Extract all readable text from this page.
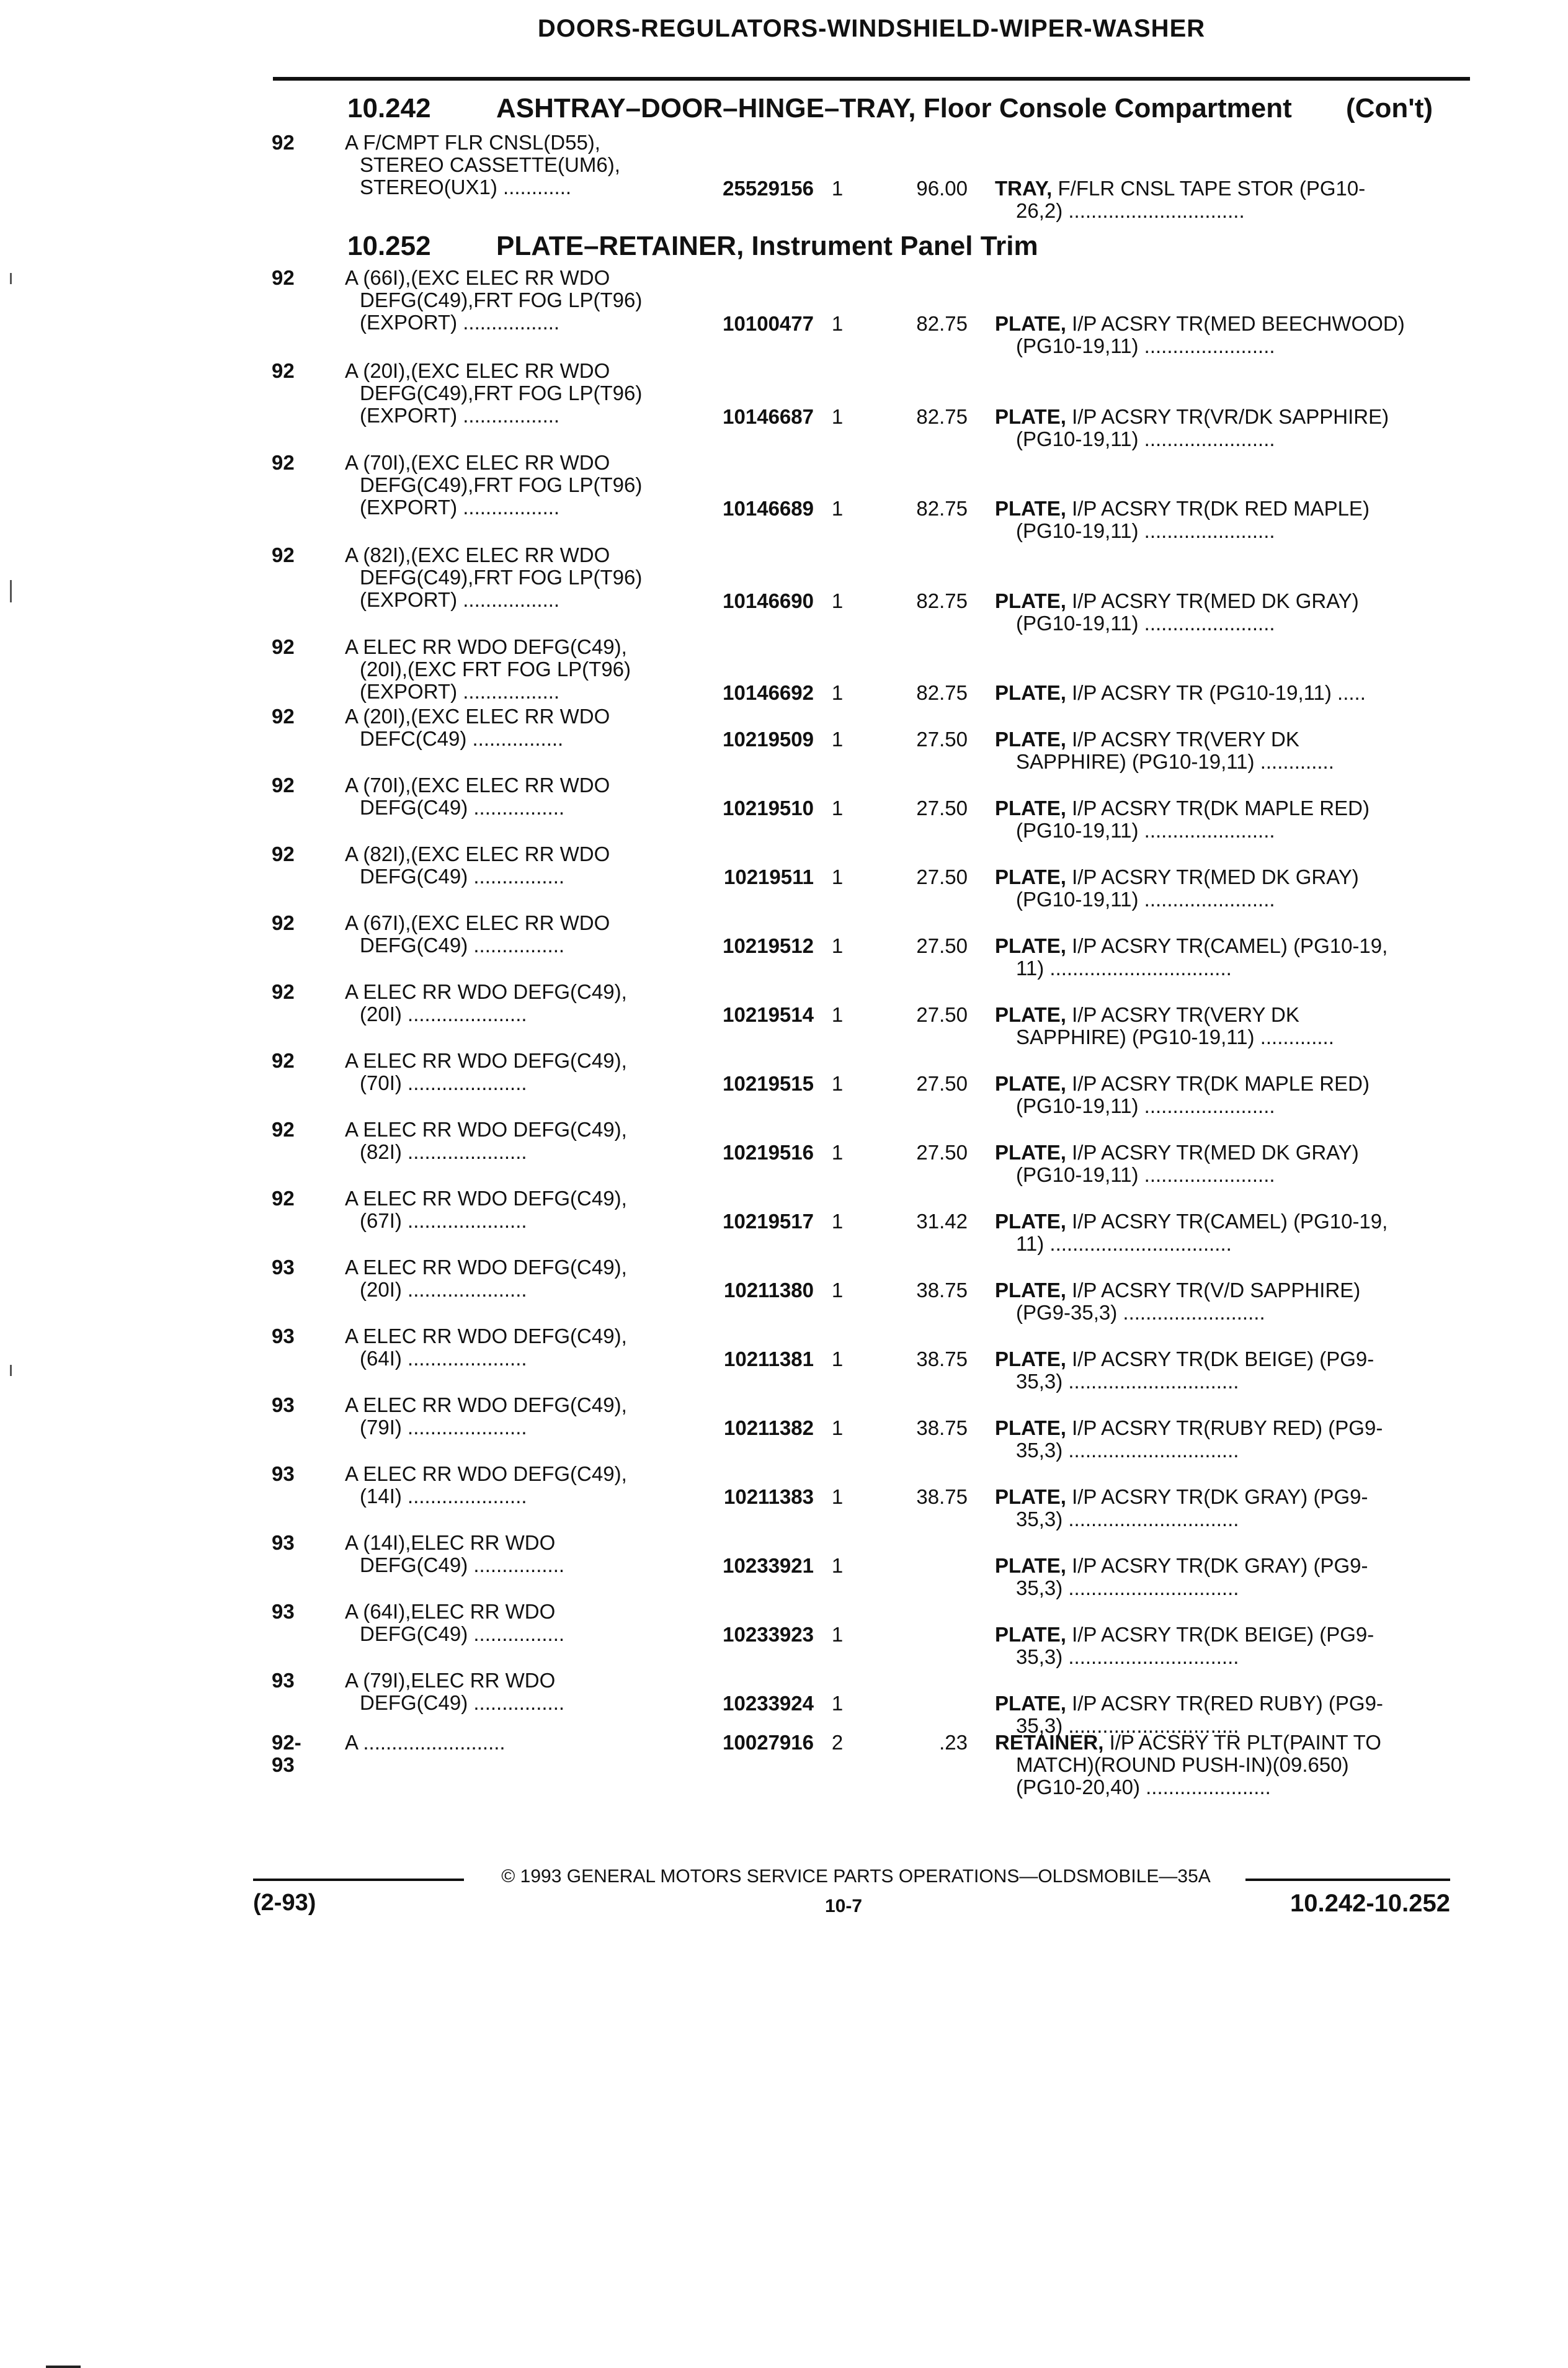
DOORS-REGULATORS-WINDSHIELD-WIPER-WASHER
10.242 ASHTRAY–DOOR–HINGE–TRAY, Floor Console Compartment (Con't)
92	A F/CMPT FLR CNSL(D55),
STEREO CASSETTE(UM6),
STEREO(UX1) ............	25529156 1	96.00 TRAY, F/FLR CNSL TAPE STOR (PG10-
26,2) ...............................
10.252 PLATE–RETAINER, Instrument Panel Trim
92	A (66I),(EXC ELEC RR WDO
DEFG(C49),FRT FOG LP(T96)
(EXPORT) .................	10100477 1	82.75 PLATE, I/P ACSRY TR(MED BEECHWOOD)
(PG10-19,11) .......................
92	A (20I),(EXC ELEC RR WDO
DEFG(C49),FRT FOG LP(T96)
(EXPORT) .................	10146687 1	82.75 PLATE, I/P ACSRY TR(VR/DK SAPPHIRE)
(PG10-19,11) .......................
92	A (70I),(EXC ELEC RR WDO
DEFG(C49),FRT FOG LP(T96)
(EXPORT) .................	10146689 1	82.75 PLATE, I/P ACSRY TR(DK RED MAPLE)
(PG10-19,11) .......................
92	A (82I),(EXC ELEC RR WDO
DEFG(C49),FRT FOG LP(T96)
(EXPORT) .................	10146690 1	82.75 PLATE, I/P ACSRY TR(MED DK GRAY)
(PG10-19,11) .......................
92	A ELEC RR WDO DEFG(C49),
(20I),(EXC FRT FOG LP(T96)
(EXPORT) .................	10146692 1	82.75 PLATE, I/P ACSRY TR (PG10-19,11) .....
92	A (20I),(EXC ELEC RR WDO
DEFC(C49) ................	10219509 1	27.50 PLATE, I/P ACSRY TR(VERY DK
SAPPHIRE) (PG10-19,11) .............
92	A (70I),(EXC ELEC RR WDO
DEFG(C49) ................	10219510 1	27.50 PLATE, I/P ACSRY TR(DK MAPLE RED)
(PG10-19,11) .......................
92	A (82I),(EXC ELEC RR WDO
DEFG(C49) ................	10219511 1	27.50 PLATE, I/P ACSRY TR(MED DK GRAY)
(PG10-19,11) .......................
92	A (67I),(EXC ELEC RR WDO
DEFG(C49) ................	10219512 1	27.50 PLATE, I/P ACSRY TR(CAMEL) (PG10-19,
11) ................................
92	A ELEC RR WDO DEFG(C49),
(20I) .....................	10219514 1	27.50 PLATE, I/P ACSRY TR(VERY DK
SAPPHIRE) (PG10-19,11) .............
92	A ELEC RR WDO DEFG(C49),
(70I) .....................	10219515 1	27.50 PLATE, I/P ACSRY TR(DK MAPLE RED)
(PG10-19,11) .......................
92	A ELEC RR WDO DEFG(C49),
(82I) .....................	10219516 1	27.50 PLATE, I/P ACSRY TR(MED DK GRAY)
(PG10-19,11) .......................
92	A ELEC RR WDO DEFG(C49),
(67I) .....................	10219517 1	31.42 PLATE, I/P ACSRY TR(CAMEL) (PG10-19,
11) ................................
93	A ELEC RR WDO DEFG(C49),
(20I) .....................	10211380 1	38.75 PLATE, I/P ACSRY TR(V/D SAPPHIRE)
(PG9-35,3) .........................
93	A ELEC RR WDO DEFG(C49),
(64I) .....................	10211381 1	38.75 PLATE, I/P ACSRY TR(DK BEIGE) (PG9-
35,3) ..............................
93	A ELEC RR WDO DEFG(C49),
(79I) .....................	10211382 1	38.75 PLATE, I/P ACSRY TR(RUBY RED) (PG9-
35,3) ..............................
93	A ELEC RR WDO DEFG(C49),
(14I) .....................	10211383 1	38.75 PLATE, I/P ACSRY TR(DK GRAY) (PG9-
35,3) ..............................
93	A (14I),ELEC RR WDO
DEFG(C49) ................	10233921 1	PLATE, I/P ACSRY TR(DK GRAY) (PG9-
35,3) ..............................
93	A (64I),ELEC RR WDO
DEFG(C49) ................	10233923 1	PLATE, I/P ACSRY TR(DK BEIGE) (PG9-
35,3) ..............................
93	A (79I),ELEC RR WDO
DEFG(C49) ................	10233924 1	PLATE, I/P ACSRY TR(RED RUBY) (PG9-
35,3) ..............................
92-93
A .........................	10027916 2	.23 RETAINER, I/P ACSRY TR PLT(PAINT TO
MATCH)(ROUND PUSH-IN)(09.650)
(PG10-20,40) ......................
© 1993 GENERAL MOTORS SERVICE PARTS OPERATIONS—OLDSMOBILE—35A
(2-93)	10-7	10.242-10.252
